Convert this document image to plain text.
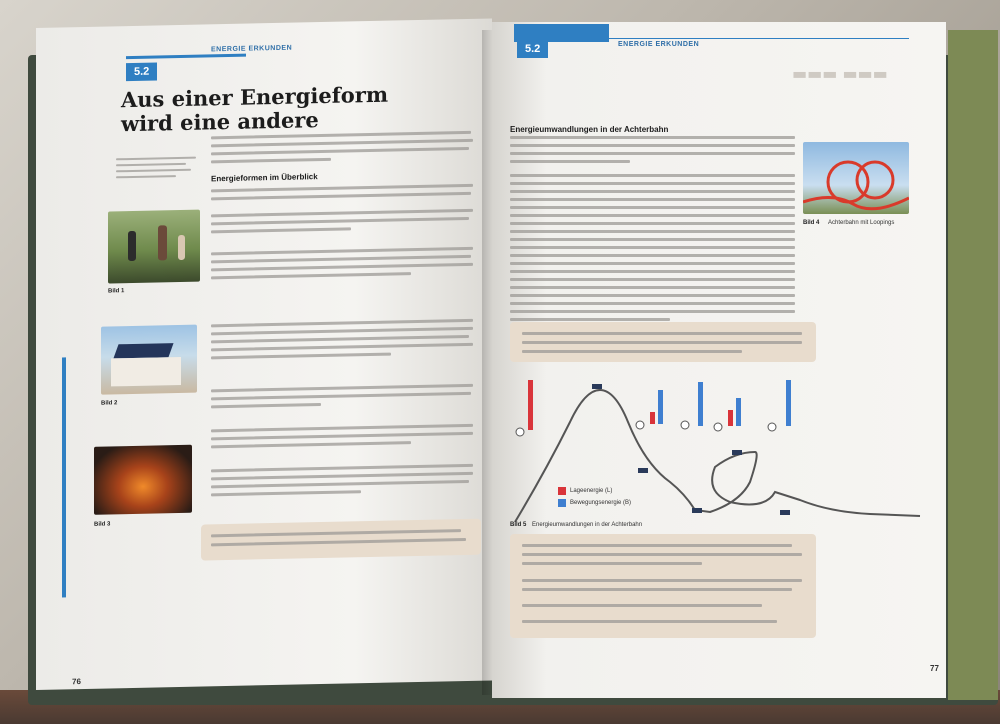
5.2
ENERGIE ERKUNDEN
Aus einer Energieform
wird eine andere
Energieformen im Überblick
Bild 1
Bild 2
Bild 3
76
5.2	ENERGIE ERKUNDEN
▬▬▬ ▬▬▬
Energieumwandlungen in der Achterbahn
Bild 4 Achterbahn mit Loopings
Lageenergie (L)
Bewegungsenergie (B)
Bild 5 Energieumwandlungen in der Achterbahn
77
